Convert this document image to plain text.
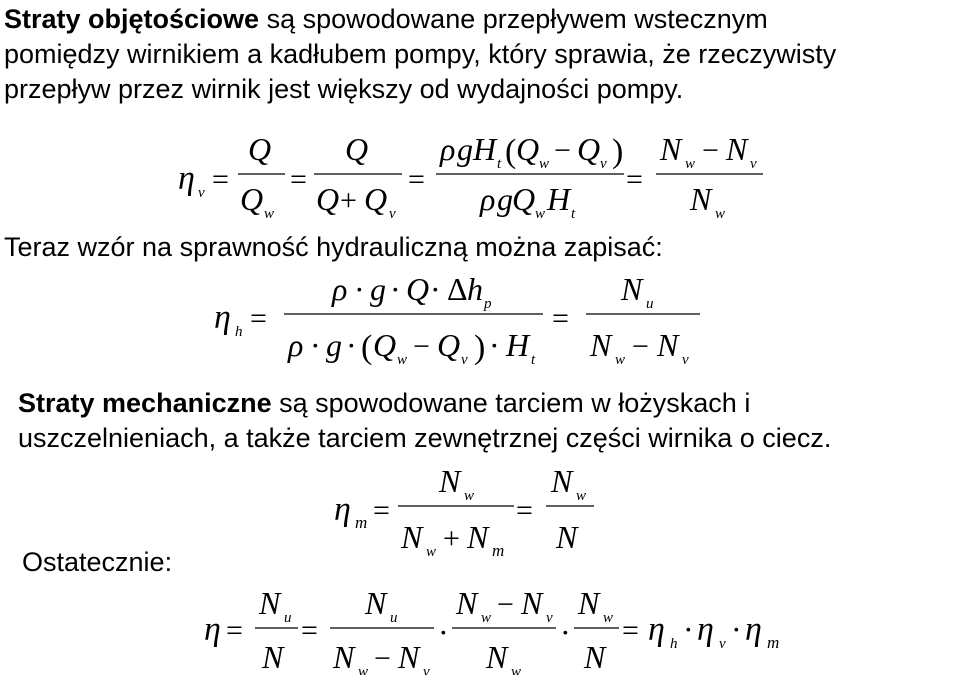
Straty objętościowe są spowodowane przepływem wstecznym
pomiędzy wirnikiem a kadłubem pompy, który sprawia, że rzeczywisty
przepływ przez wirnik jest większy od wydajności pompy.
Teraz wzór na sprawność hydrauliczną można zapisać:
Straty mechaniczne są spowodowane tarciem w łożyskach i
uszczelnieniach, a także tarciem zewnętrznej części wirnika o ciecz.
Ostatecznie:
η v =
Q
Q w
=
Q
Q + Q v
=
ρ g H t ( Q w − Q v )
ρ g Q w H t
=
N w − N v
N w
η h =
ρ · g · Q · Δ h p
ρ · g · ( Q w − Q v ) · H t
=
N u
N w − N v
η m =
N w
N w + N m
=
N w
N
η =
N u
N
=
N u
N w − N v
·
N w − N v
N w
·
N w
N
= η h · η v · η m
